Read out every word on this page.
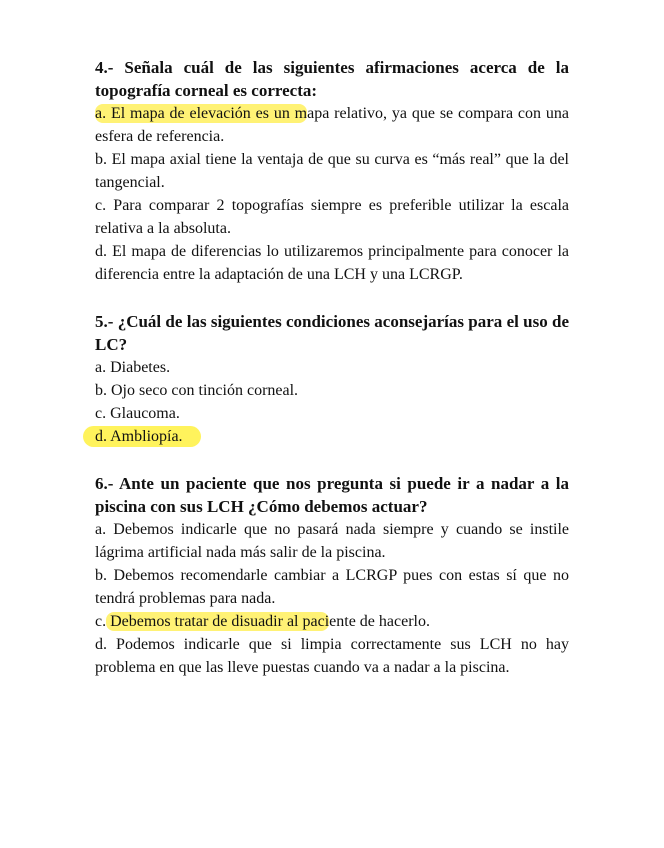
4.- Señala cuál de las siguientes afirmaciones acerca de la topografía corneal es correcta:

a. El mapa de elevación es un mapa relativo, ya que se compara con una esfera de referencia.

b. El mapa axial tiene la ventaja de que su curva es “más real” que la del tangencial.

c. Para comparar 2 topografías siempre es preferible utilizar la escala relativa a la absoluta.

d. El mapa de diferencias lo utilizaremos principalmente para conocer la diferencia entre la adaptación de una LCH y una LCRGP.

5.- ¿Cuál de las siguientes condiciones aconsejarías para el uso de LC?

a. Diabetes.

b. Ojo seco con tinción corneal.

c. Glaucoma.

d. Ambliopía.

6.- Ante un paciente que nos pregunta si puede ir a nadar a la piscina con sus LCH ¿Cómo debemos actuar?

a. Debemos indicarle que no pasará nada siempre y cuando se instile lágrima artificial nada más salir de la piscina.

b. Debemos recomendarle cambiar a LCRGP pues con estas sí que no tendrá problemas para nada.

c. Debemos tratar de disuadir al paciente de hacerlo.

d. Podemos indicarle que si limpia correctamente sus LCH no hay problema en que las lleve puestas cuando va a nadar a la piscina.
